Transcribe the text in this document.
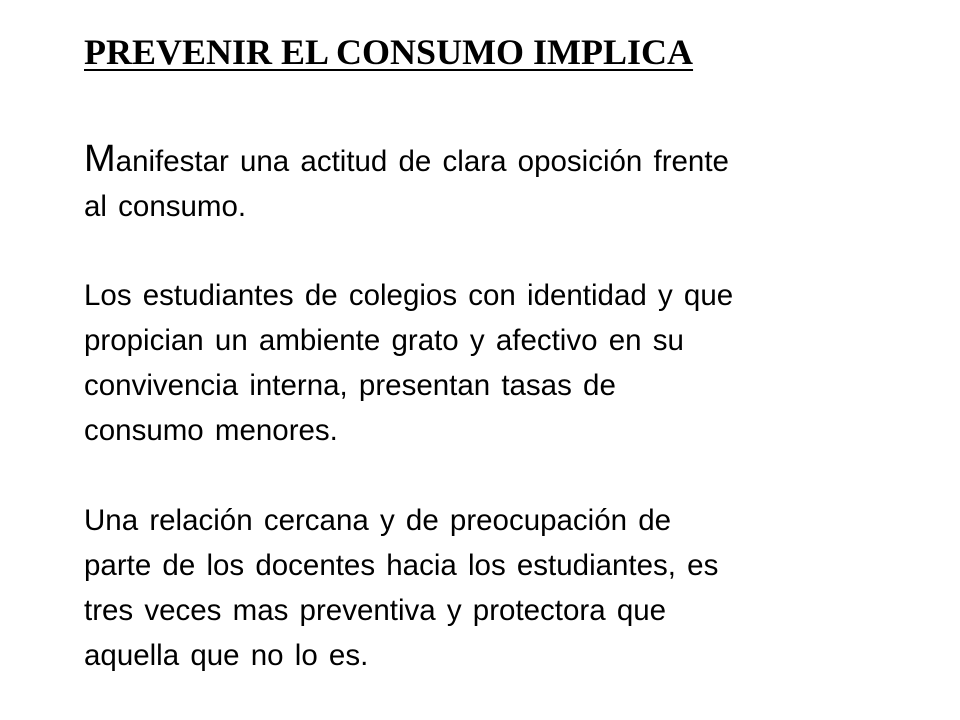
PREVENIR EL CONSUMO IMPLICA

Manifestar una actitud de clara oposición frente
al consumo.

Los estudiantes de colegios con identidad y que
propician un ambiente grato y afectivo en su
convivencia interna, presentan tasas de
consumo menores.

Una relación cercana y de preocupación de
parte de los docentes hacia los estudiantes, es
tres veces mas preventiva y protectora que
aquella que no lo es.
